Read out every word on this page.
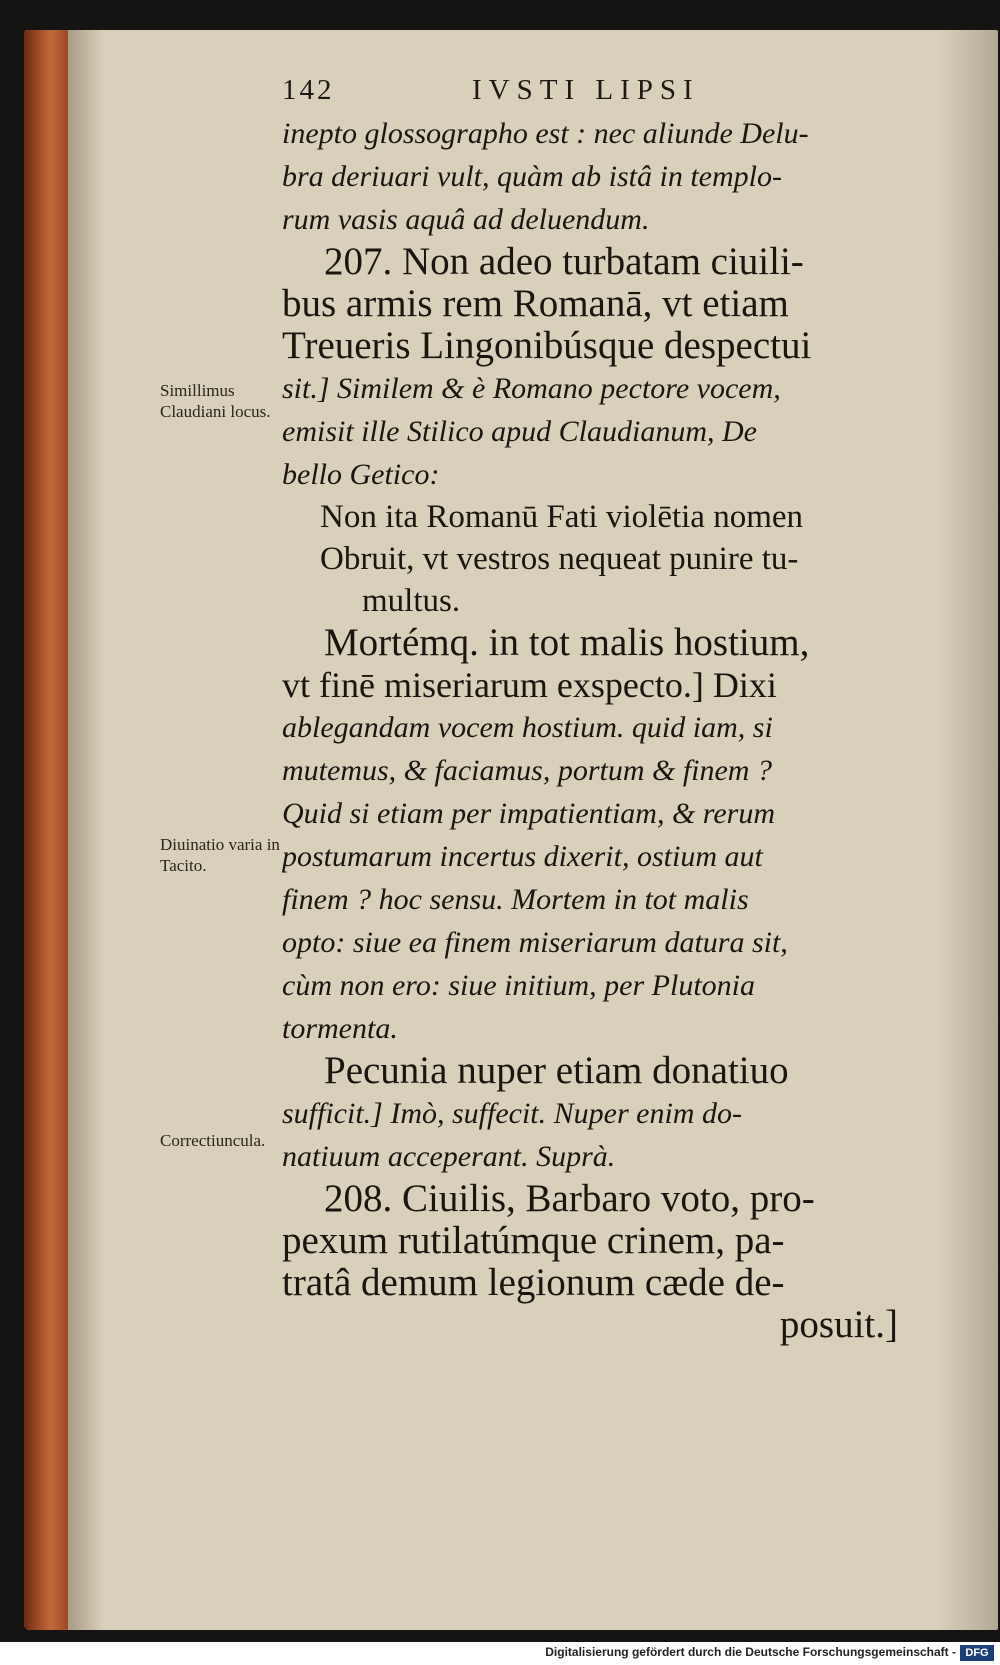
142	IVSTI LIPSI
inepto glossographo est : nec aliunde Delu-
bra deriuari vult, quàm ab istâ in templo-
rum vasis aquâ ad deluendum.
207. Non adeo turbatam ciuili-
bus armis rem Romanā, vt etiam
Treueris Lingonibúsque despectui
sit.] Similem & è Romano pectore vocem,
emisit ille Stilico apud Claudianum, De
bello Getico:
Non ita Romanū Fati violētia nomen
Obruit, vt vestros nequeat punire tu-
multus.
Mortémq. in tot malis hostium,
vt finē miseriarum exspecto.] Dixi
ablegandam vocem hostium. quid iam, si
mutemus, & faciamus, portum & finem ?
Quid si etiam per impatientiam, & rerum
postumarum incertus dixerit, ostium aut
finem ? hoc sensu. Mortem in tot malis
opto: siue ea finem miseriarum datura sit,
cùm non ero: siue initium, per Plutonia
tormenta.
Pecunia nuper etiam donatiuo
sufficit.] Imò, suffecit. Nuper enim do-
natiuum acceperant. Suprà.
208. Ciuilis, Barbaro voto, pro-
pexum rutilatúmque crinem, pa-
tratâ demum legionum cæde de-
posuit.]
Simillimus Claudiani locus.
Diuinatio varia in Tacito.
Correctiuncula.
Digitalisierung gefördert durch die Deutsche Forschungsgemeinschaft - DFG
